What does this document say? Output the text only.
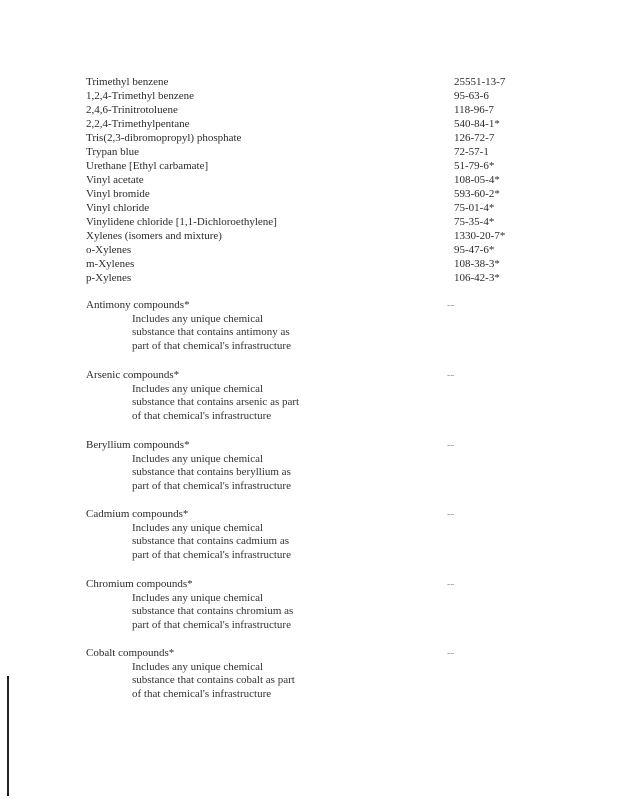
Trimethyl benzene	25551-13-7
1,2,4-Trimethyl benzene	95-63-6
2,4,6-Trinitrotoluene	118-96-7
2,2,4-Trimethylpentane	540-84-1*
Tris(2,3-dibromopropyl) phosphate	126-72-7
Trypan blue	72-57-1
Urethane [Ethyl carbamate]	51-79-6*
Vinyl acetate	108-05-4*
Vinyl bromide	593-60-2*
Vinyl chloride	75-01-4*
Vinylidene chloride [1,1-Dichloroethylene]	75-35-4*
Xylenes (isomers and mixture)	1330-20-7*
o-Xylenes	95-47-6*
m-Xylenes	108-38-3*
p-Xylenes	106-42-3*
Antimony compounds*	--
Includes any unique chemical
substance that contains antimony as
part of that chemical's infrastructure
Arsenic compounds*	--
Includes any unique chemical
substance that contains arsenic as part
of that chemical's infrastructure
Beryllium compounds*	--
Includes any unique chemical
substance that contains beryllium as
part of that chemical's infrastructure
Cadmium compounds*	--
Includes any unique chemical
substance that contains cadmium as
part of that chemical's infrastructure
Chromium compounds*	--
Includes any unique chemical
substance that contains chromium as
part of that chemical's infrastructure
Cobalt compounds*	--
Includes any unique chemical
substance that contains cobalt as part
of that chemical's infrastructure
